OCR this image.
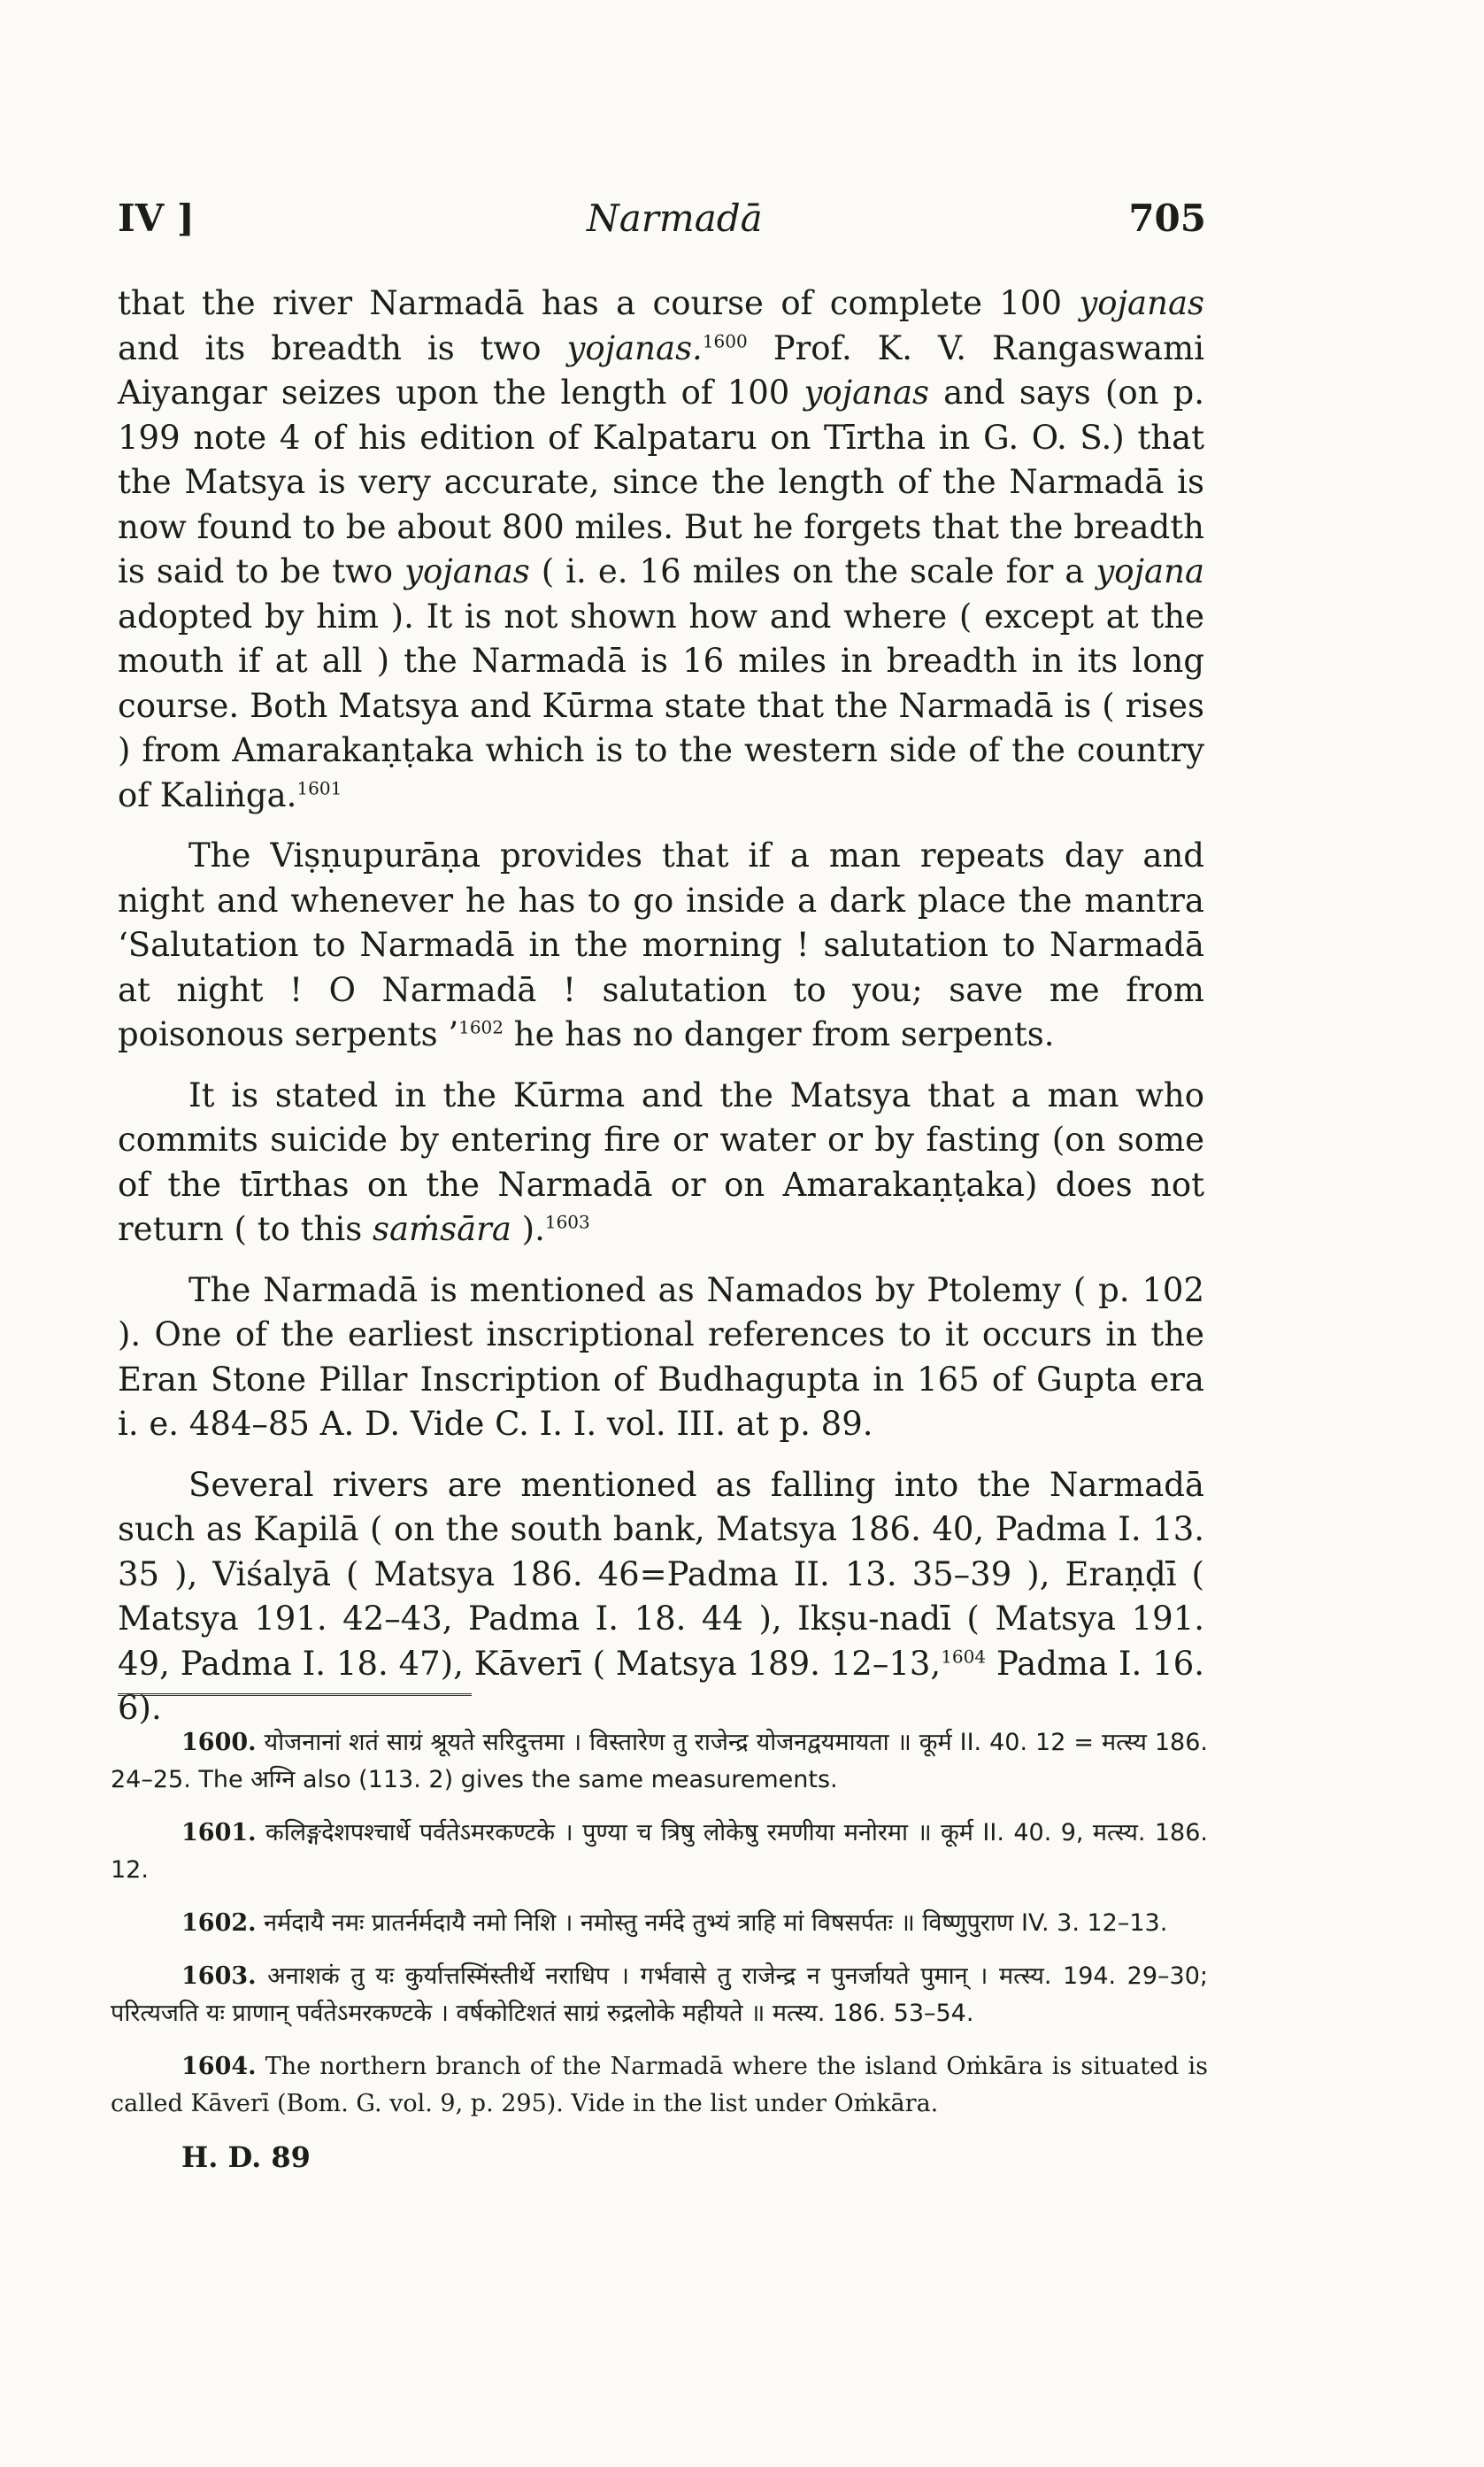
IV ]	Narmadā	705

that the river Narmadā has a course of complete 100 yojanas and its breadth is two yojanas.$^{1600}$ Prof. K. V. Rangaswami Aiyangar seizes upon the length of 100 yojanas and says (on p. 199 note 4 of his edition of Kalpataru on Tīrtha in G. O. S.) that the Matsya is very accurate, since the length of the Narmadā is now found to be about 800 miles. But he forgets that the breadth is said to be two yojanas ( i. e. 16 miles on the scale for a yojana adopted by him ). It is not shown how and where ( except at the mouth if at all ) the Narmadā is 16 miles in breadth in its long course. Both Matsya and Kūrma state that the Narmadā is ( rises ) from Amarakaṇṭaka which is to the western side of the country of Kaliṅga.$^{1601}$

The Viṣṇupurāṇa provides that if a man repeats day and night and whenever he has to go inside a dark place the mantra ‘Salutation to Narmadā in the morning ! salutation to Narmadā at night ! O Narmadā ! salutation to you; save me from poisonous serpents ’$^{1602}$ he has no danger from serpents.

It is stated in the Kūrma and the Matsya that a man who commits suicide by entering fire or water or by fasting (on some of the tīrthas on the Narmadā or on Amarakaṇṭaka) does not return ( to this saṁsāra ).$^{1603}$

The Narmadā is mentioned as Namados by Ptolemy ( p. 102 ). One of the earliest inscriptional references to it occurs in the Eran Stone Pillar Inscription of Budhagupta in 165 of Gupta era i. e. 484–85 A. D. Vide C. I. I. vol. III. at p. 89.

Several rivers are mentioned as falling into the Narmadā such as Kapilā ( on the south bank, Matsya 186. 40, Padma I. 13. 35 ), Viśalyā ( Matsya 186. 46=Padma II. 13. 35–39 ), Eraṇḍī ( Matsya 191. 42–43, Padma I. 18. 44 ), Ikṣu-nadī ( Matsya 191. 49, Padma I. 18. 47), Kāverī ( Matsya 189. 12–13,$^{1604}$ Padma I. 16. 6).

1600. योजनानां शतं साग्रं श्रूयते सरिदुत्तमा । विस्तारेण तु राजेन्द्र योजनद्वयमायता ॥ कूर्म II. 40. 12 = मत्स्य 186. 24–25. The अग्नि also (113. 2) gives the same measurements.

1601. कलिङ्गदेशपश्चार्धे पर्वतेऽमरकण्टके । पुण्या च त्रिषु लोकेषु रमणीया मनोरमा ॥ कूर्म II. 40. 9, मत्स्य. 186. 12.

1602. नर्मदायै नमः प्रातर्नर्मदायै नमो निशि । नमोस्तु नर्मदे तुभ्यं त्राहि मां विषसर्पतः ॥ विष्णुपुराण IV. 3. 12–13.

1603. अनाशकं तु यः कुर्यात्तस्मिंस्तीर्थे नराधिप । गर्भवासे तु राजेन्द्र न पुनर्जायते पुमान् । मत्स्य. 194. 29–30; परित्यजति यः प्राणान् पर्वतेऽमरकण्टके । वर्षकोटिशतं साग्रं रुद्रलोके महीयते ॥ मत्स्य. 186. 53–54.

1604. The northern branch of the Narmadā where the island Oṁkāra is situated is called Kāverī (Bom. G. vol. 9, p. 295). Vide in the list under Oṁkāra.

H. D. 89
